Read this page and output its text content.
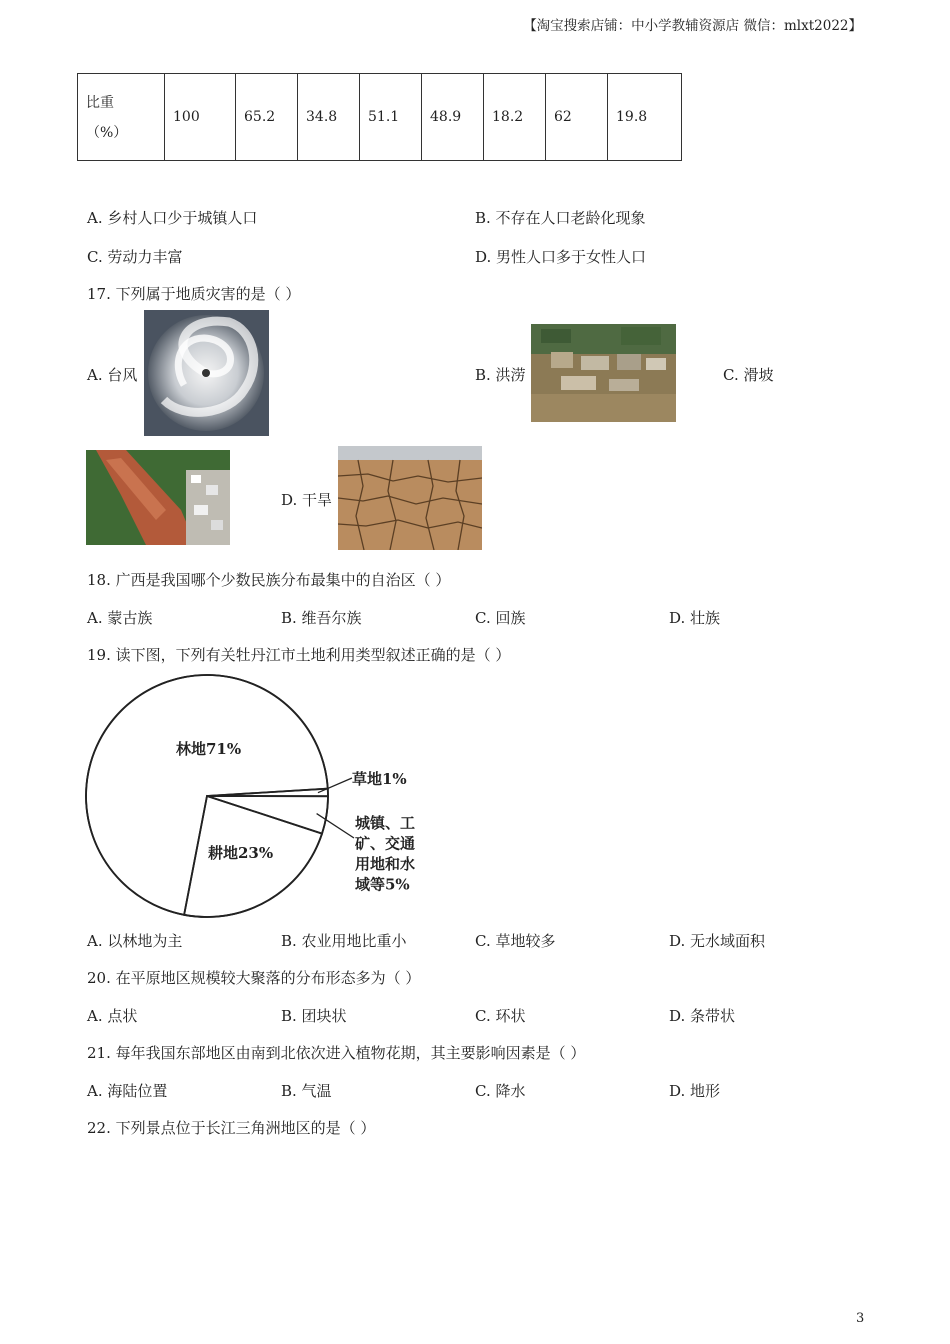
【淘宝搜索店铺：中小学教辅资源店 微信：mlxt2022】
比重
（%）
	100	65.2	34.8	51.1	48.9	18.2	62	19.8
A. 乡村人口少于城镇人口	B. 不存在人口老龄化现象
C. 劳动力丰富	D. 男性人口多于女性人口
17. 下列属于地质灾害的是（ ）
A. 台风	B. 洪涝	C. 滑坡
D. 干旱
18. 广西是我国哪个少数民族分布最集中的自治区（ ）
A. 蒙古族	B. 维吾尔族	C. 回族	D. 壮族
19. 读下图，下列有关牡丹江市土地利用类型叙述正确的是（ ）
林地71%
耕地23%
草地1%
城镇、工
矿、交通
用地和水
域等5%
A. 以林地为主	B. 农业用地比重小	C. 草地较多	D. 无水域面积
20. 在平原地区规模较大聚落的分布形态多为（ ）
A. 点状	B. 团块状	C. 环状	D. 条带状
21. 每年我国东部地区由南到北依次进入植物花期，其主要影响因素是（ ）
A. 海陆位置	B. 气温	C. 降水	D. 地形
22. 下列景点位于长江三角洲地区的是（ ）
3
